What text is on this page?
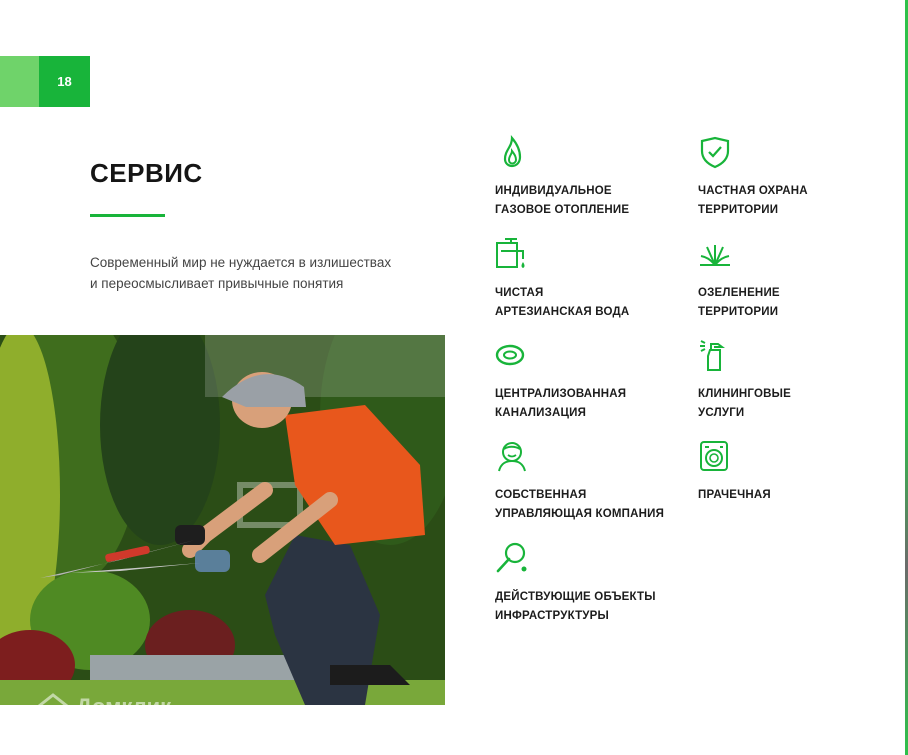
18
СЕРВИС
Современный мир не нуждается в излишествах
и переосмысливает привычные понятия
Домклик
ИНДИВИДУАЛЬНОЕ
ГАЗОВОЕ ОТОПЛЕНИЕ
ЧАСТНАЯ ОХРАНА
ТЕРРИТОРИИ
ЧИСТАЯ
АРТЕЗИАНСКАЯ ВОДА
ОЗЕЛЕНЕНИЕ
ТЕРРИТОРИИ
ЦЕНТРАЛИЗОВАННАЯ
КАНАЛИЗАЦИЯ
КЛИНИНГОВЫЕ
УСЛУГИ
СОБСТВЕННАЯ
УПРАВЛЯЮЩАЯ КОМПАНИЯ
ПРАЧЕЧНАЯ
ДЕЙСТВУЮЩИЕ ОБЪЕКТЫ
ИНФРАСТРУКТУРЫ
